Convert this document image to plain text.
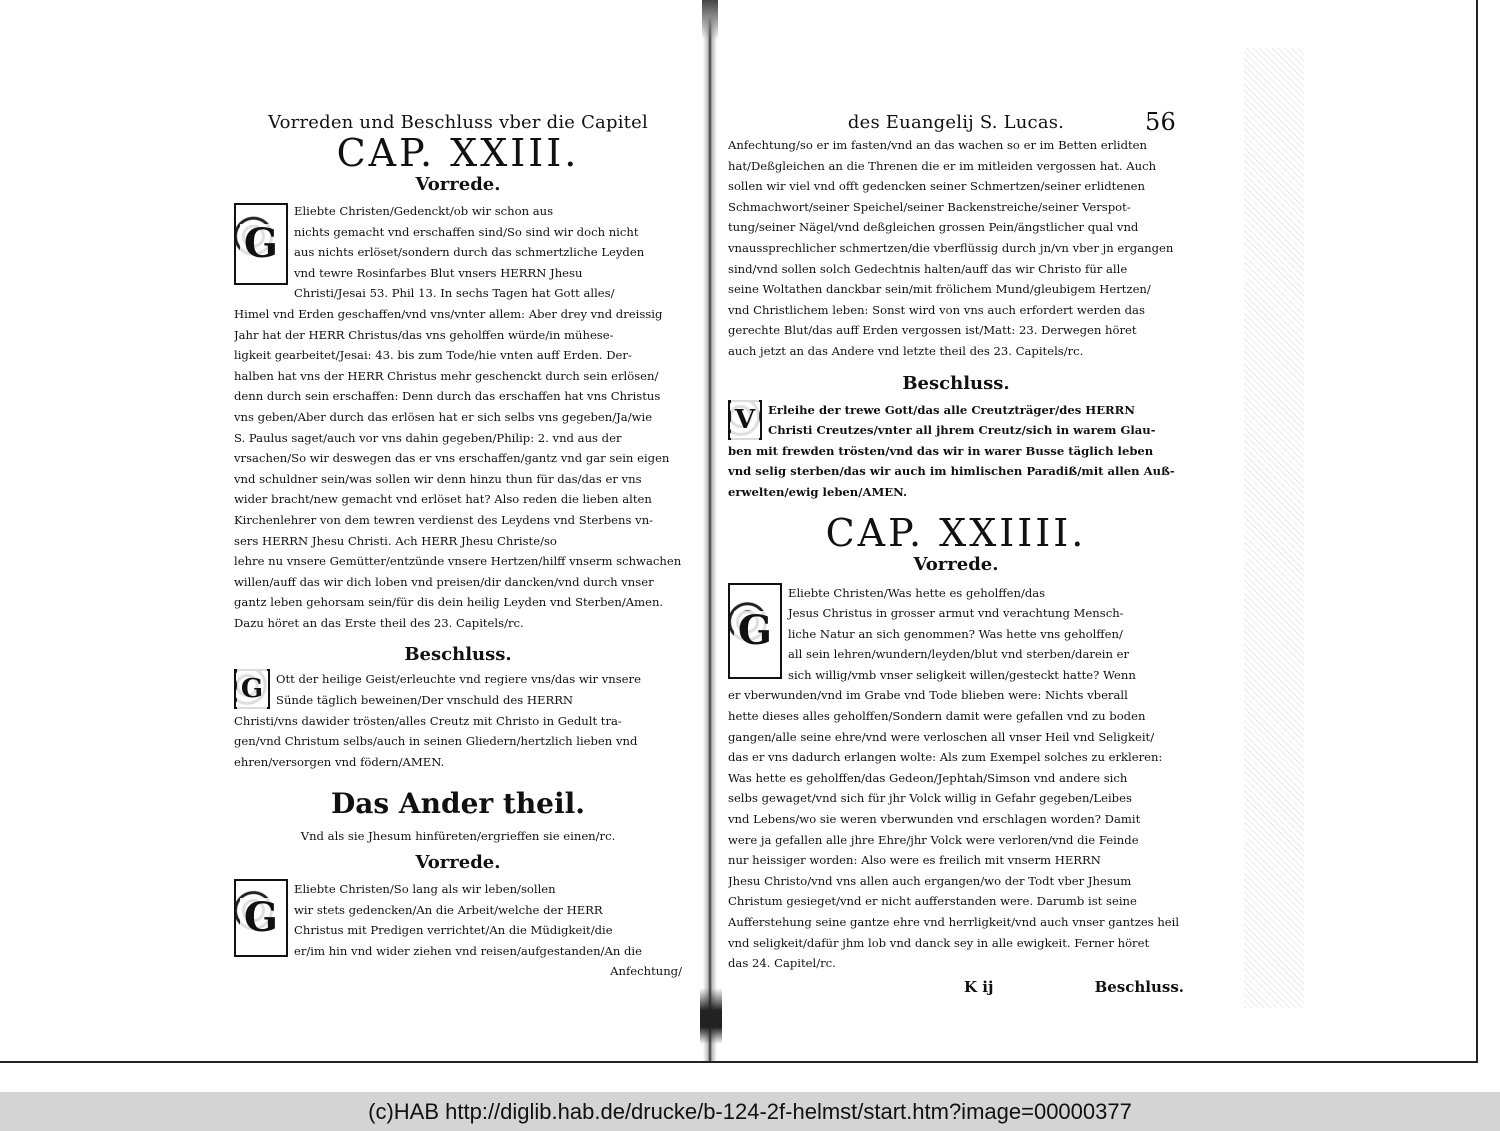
Vorreden und Beschluss vber die Capitel
CAP. XXIII.
Vorrede.
G
Eliebte Christen/Gedenckt/ob wir schon aus
nichts gemacht vnd erschaffen sind/So sind wir doch nicht
aus nichts erlöset/sondern durch das schmertzliche Leyden
vnd tewre Rosinfarbes Blut vnsers HERRN Jhesu
Christi/Jesai 53. Phil 13. In sechs Tagen hat Gott alles/
Himel vnd Erden geschaffen/vnd vns/vnter allem: Aber drey vnd dreissig
Jahr hat der HERR Christus/das vns geholffen würde/in mühese-
ligkeit gearbeitet/Jesai: 43. bis zum Tode/hie vnten auff Erden. Der-
halben hat vns der HERR Christus mehr geschenckt durch sein erlösen/
denn durch sein erschaffen: Denn durch das erschaffen hat vns Christus
vns geben/Aber durch das erlösen hat er sich selbs vns gegeben/Ja/wie
S. Paulus saget/auch vor vns dahin gegeben/Philip: 2. vnd aus der
vrsachen/So wir deswegen das er vns erschaffen/gantz vnd gar sein eigen
vnd schuldner sein/was sollen wir denn hinzu thun für das/das er vns
wider bracht/new gemacht vnd erlöset hat? Also reden die lieben alten
Kirchenlehrer von dem tewren verdienst des Leydens vnd Sterbens vn-
sers HERRN Jhesu Christi. Ach HERR Jhesu Christe/so
lehre nu vnsere Gemütter/entzünde vnsere Hertzen/hilff vnserm schwachen
willen/auff das wir dich loben vnd preisen/dir dancken/vnd durch vnser
gantz leben gehorsam sein/für dis dein heilig Leyden vnd Sterben/Amen.
Dazu höret an das Erste theil des 23. Capitels/rc.
Beschluss.
G	Ott der heilige Geist/erleuchte vnd regiere vns/das wir vnsere
Sünde täglich beweinen/Der vnschuld des HERRN
Christi/vns dawider trösten/alles Creutz mit Christo in Gedult tra-
gen/vnd Christum selbs/auch in seinen Gliedern/hertzlich lieben vnd
ehren/versorgen vnd födern/AMEN.
Das Ander theil.
Vnd als sie Jhesum hinfüreten/ergrieffen sie einen/rc.
Vorrede.
G
Eliebte Christen/So lang als wir leben/sollen
wir stets gedencken/An die Arbeit/welche der HERR
Christus mit Predigen verrichtet/An die Müdigkeit/die
er/im hin vnd wider ziehen vnd reisen/aufgestanden/An die
Anfechtung/
des Euangelij S. Lucas.	56
Anfechtung/so er im fasten/vnd an das wachen so er im Betten erlidten
hat/Deßgleichen an die Threnen die er im mitleiden vergossen hat. Auch
sollen wir viel vnd offt gedencken seiner Schmertzen/seiner erlidtenen
Schmachwort/seiner Speichel/seiner Backenstreiche/seiner Verspot-
tung/seiner Nägel/vnd deßgleichen grossen Pein/ängstlicher qual vnd
vnaussprechlicher schmertzen/die vberflüssig durch jn/vn vber jn ergangen
sind/vnd sollen solch Gedechtnis halten/auff das wir Christo für alle
seine Woltathen danckbar sein/mit frölichem Mund/gleubigem Hertzen/
vnd Christlichem leben: Sonst wird von vns auch erfordert werden das
gerechte Blut/das auff Erden vergossen ist/Matt: 23. Derwegen höret
auch jetzt an das Andere vnd letzte theil des 23. Capitels/rc.
Beschluss.
V	Erleihe der trewe Gott/das alle Creutzträger/des HERRN
Christi Creutzes/vnter all jhrem Creutz/sich in warem Glau-
ben mit frewden trösten/vnd das wir in warer Busse täglich leben
vnd selig sterben/das wir auch im himlischen Paradiß/mit allen Auß-
erwelten/ewig leben/AMEN.
CAP. XXIIII.
Vorrede.
G
Eliebte Christen/Was hette es geholffen/das
Jesus Christus in grosser armut vnd verachtung Mensch-
liche Natur an sich genommen? Was hette vns geholffen/
all sein lehren/wundern/leyden/blut vnd sterben/darein er
sich willig/vmb vnser seligkeit willen/gesteckt hatte? Wenn
er vberwunden/vnd im Grabe vnd Tode blieben were: Nichts vberall
hette dieses alles geholffen/Sondern damit were gefallen vnd zu boden
gangen/alle seine ehre/vnd were verloschen all vnser Heil vnd Seligkeit/
das er vns dadurch erlangen wolte: Als zum Exempel solches zu erkleren:
Was hette es geholffen/das Gedeon/Jephtah/Simson vnd andere sich
selbs gewaget/vnd sich für jhr Volck willig in Gefahr gegeben/Leibes
vnd Lebens/wo sie weren vberwunden vnd erschlagen worden? Damit
were ja gefallen alle jhre Ehre/jhr Volck were verloren/vnd die Feinde
nur heissiger worden: Also were es freilich mit vnserm HERRN
Jhesu Christo/vnd vns allen auch ergangen/wo der Todt vber Jhesum
Christum gesieget/vnd er nicht aufferstanden were. Darumb ist seine
Aufferstehung seine gantze ehre vnd herrligkeit/vnd auch vnser gantzes heil
vnd seligkeit/dafür jhm lob vnd danck sey in alle ewigkeit. Ferner höret
das 24. Capitel/rc.
K ij	Beschluss.
(c)HAB http://diglib.hab.de/drucke/b-124-2f-helmst/start.htm?image=00000377
